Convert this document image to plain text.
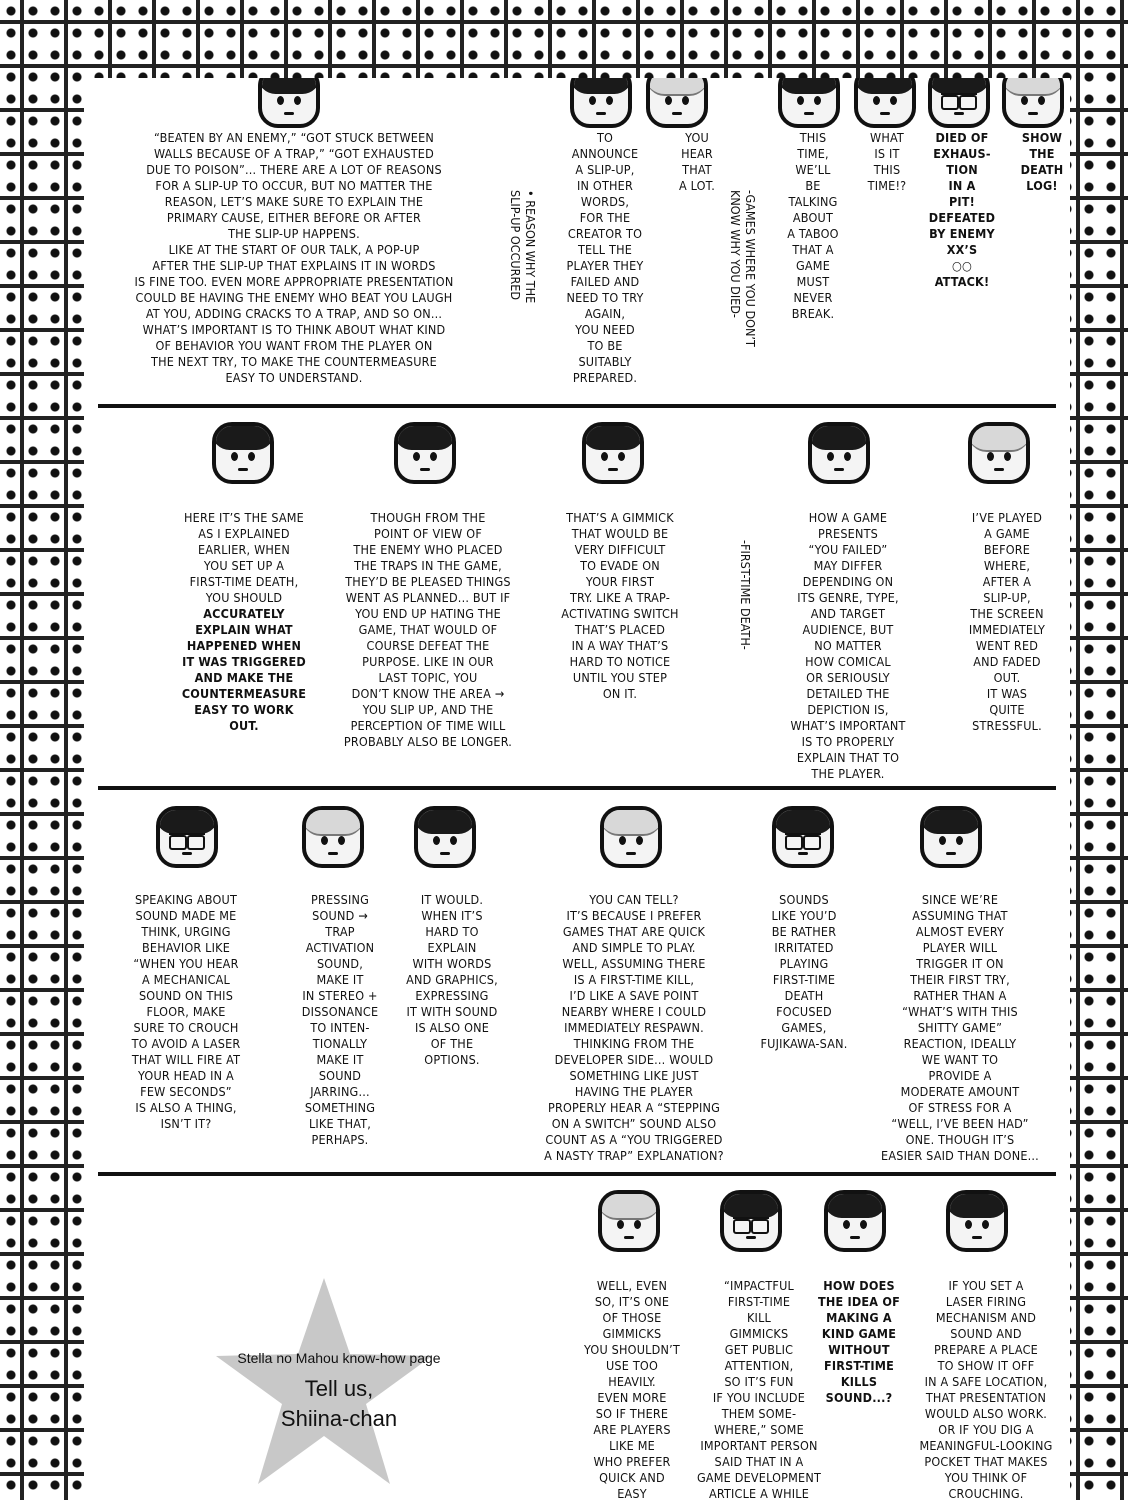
“BEATEN BY AN ENEMY,” “GOT STUCK BETWEEN
WALLS BECAUSE OF A TRAP,” “GOT EXHAUSTED
DUE TO POISON”... THERE ARE A LOT OF REASONS
FOR A SLIP-UP TO OCCUR, BUT NO MATTER THE
REASON, LET’S MAKE SURE TO EXPLAIN THE
PRIMARY CAUSE, EITHER BEFORE OR AFTER
THE SLIP-UP HAPPENS.
LIKE AT THE START OF OUR TALK, A POP-UP
AFTER THE SLIP-UP THAT EXPLAINS IT IN WORDS
IS FINE TOO. EVEN MORE APPROPRIATE PRESENTATION
COULD BE HAVING THE ENEMY WHO BEAT YOU LAUGH
AT YOU, ADDING CRACKS TO A TRAP, AND SO ON...
WHAT’S IMPORTANT IS TO THINK ABOUT WHAT KIND
OF BEHAVIOR YOU WANT FROM THE PLAYER ON
THE NEXT TRY, TO MAKE THE COUNTERMEASURE
EASY TO UNDERSTAND.
• REASON WHY THE
SLIP-UP OCCURRED
TO
ANNOUNCE
A SLIP-UP,
IN OTHER
WORDS,
FOR THE
CREATOR TO
TELL THE
PLAYER THEY
FAILED AND
NEED TO TRY
AGAIN,
YOU NEED
TO BE
SUITABLY
PREPARED.
YOU
HEAR
THAT
A LOT.
-GAMES WHERE YOU DON’T
KNOW WHY YOU DIED-
THIS
TIME,
WE’LL
BE
TALKING
ABOUT
A TABOO
THAT A
GAME
MUST
NEVER
BREAK.
WHAT
IS IT
THIS
TIME!?
DIED OF
EXHAUS-
TION
IN A
PIT!
DEFEATED
BY ENEMY
XX’S
○○
ATTACK!
SHOW
THE
DEATH
LOG!
HERE IT’S THE SAME
AS I EXPLAINED
EARLIER, WHEN
YOU SET UP A
FIRST-TIME DEATH,
YOU SHOULD
ACCURATELY
EXPLAIN WHAT
HAPPENED WHEN
IT WAS TRIGGERED
AND MAKE THE
COUNTERMEASURE
EASY TO WORK
OUT.
THOUGH FROM THE
POINT OF VIEW OF
THE ENEMY WHO PLACED
THE TRAPS IN THE GAME,
THEY’D BE PLEASED THINGS
WENT AS PLANNED... BUT IF
YOU END UP HATING THE
GAME, THAT WOULD OF
COURSE DEFEAT THE
PURPOSE. LIKE IN OUR
LAST TOPIC, YOU
DON’T KNOW THE AREA →
YOU SLIP UP, AND THE
PERCEPTION OF TIME WILL
PROBABLY ALSO BE LONGER.
THAT’S A GIMMICK
THAT WOULD BE
VERY DIFFICULT
TO EVADE ON
YOUR FIRST
TRY. LIKE A TRAP-
ACTIVATING SWITCH
THAT’S PLACED
IN A WAY THAT’S
HARD TO NOTICE
UNTIL YOU STEP
ON IT.
-FIRST-TIME DEATH-
HOW A GAME
PRESENTS
“YOU FAILED”
MAY DIFFER
DEPENDING ON
ITS GENRE, TYPE,
AND TARGET
AUDIENCE, BUT
NO MATTER
HOW COMICAL
OR SERIOUSLY
DETAILED THE
DEPICTION IS,
WHAT’S IMPORTANT
IS TO PROPERLY
EXPLAIN THAT TO
THE PLAYER.
I’VE PLAYED
A GAME
BEFORE
WHERE,
AFTER A
SLIP-UP,
THE SCREEN
IMMEDIATELY
WENT RED
AND FADED
OUT.
IT WAS
QUITE
STRESSFUL.
SPEAKING ABOUT
SOUND MADE ME
THINK, URGING
BEHAVIOR LIKE
“WHEN YOU HEAR
A MECHANICAL
SOUND ON THIS
FLOOR, MAKE
SURE TO CROUCH
TO AVOID A LASER
THAT WILL FIRE AT
YOUR HEAD IN A
FEW SECONDS”
IS ALSO A THING,
ISN’T IT?
PRESSING
SOUND →
TRAP
ACTIVATION
SOUND,
MAKE IT
IN STEREO +
DISSONANCE
TO INTEN-
TIONALLY
MAKE IT
SOUND
JARRING...
SOMETHING
LIKE THAT,
PERHAPS.
IT WOULD.
WHEN IT’S
HARD TO
EXPLAIN
WITH WORDS
AND GRAPHICS,
EXPRESSING
IT WITH SOUND
IS ALSO ONE
OF THE
OPTIONS.
YOU CAN TELL?
IT’S BECAUSE I PREFER
GAMES THAT ARE QUICK
AND SIMPLE TO PLAY.
WELL, ASSUMING THERE
IS A FIRST-TIME KILL,
I’D LIKE A SAVE POINT
NEARBY WHERE I COULD
IMMEDIATELY RESPAWN.
THINKING FROM THE
DEVELOPER SIDE... WOULD
SOMETHING LIKE JUST
HAVING THE PLAYER
PROPERLY HEAR A “STEPPING
ON A SWITCH” SOUND ALSO
COUNT AS A “YOU TRIGGERED
A NASTY TRAP” EXPLANATION?
SOUNDS
LIKE YOU’D
BE RATHER
IRRITATED
PLAYING
FIRST-TIME
DEATH
FOCUSED
GAMES,
FUJIKAWA-SAN.
SINCE WE’RE
ASSUMING THAT
ALMOST EVERY
PLAYER WILL
TRIGGER IT ON
THEIR FIRST TRY,
RATHER THAN A
“WHAT’S WITH THIS
SHITTY GAME”
REACTION, IDEALLY
WE WANT TO
PROVIDE A
MODERATE AMOUNT
OF STRESS FOR A
“WELL, I’VE BEEN HAD”
ONE. THOUGH IT’S
EASIER SAID THAN DONE...
Stella no Mahou know-how page
Tell us,
Shiina-chan
WELL, EVEN
SO, IT’S ONE
OF THOSE
GIMMICKS
YOU SHOULDN’T
USE TOO
HEAVILY.
EVEN MORE
SO IF THERE
ARE PLAYERS
LIKE ME
WHO PREFER
QUICK AND
EASY
“IMPACTFUL
FIRST-TIME
KILL
GIMMICKS
GET PUBLIC
ATTENTION,
SO IT’S FUN
IF YOU INCLUDE
THEM SOME-
WHERE,” SOME
IMPORTANT PERSON
SAID THAT IN A
GAME DEVELOPMENT
ARTICLE A WHILE
HOW DOES
THE IDEA OF
MAKING A
KIND GAME
WITHOUT
FIRST-TIME
KILLS
SOUND...?
IF YOU SET A
LASER FIRING
MECHANISM AND
SOUND AND
PREPARE A PLACE
TO SHOW IT OFF
IN A SAFE LOCATION,
THAT PRESENTATION
WOULD ALSO WORK.
OR IF YOU DIG A
MEANINGFUL-LOOKING
POCKET THAT MAKES
YOU THINK OF
CROUCHING.
